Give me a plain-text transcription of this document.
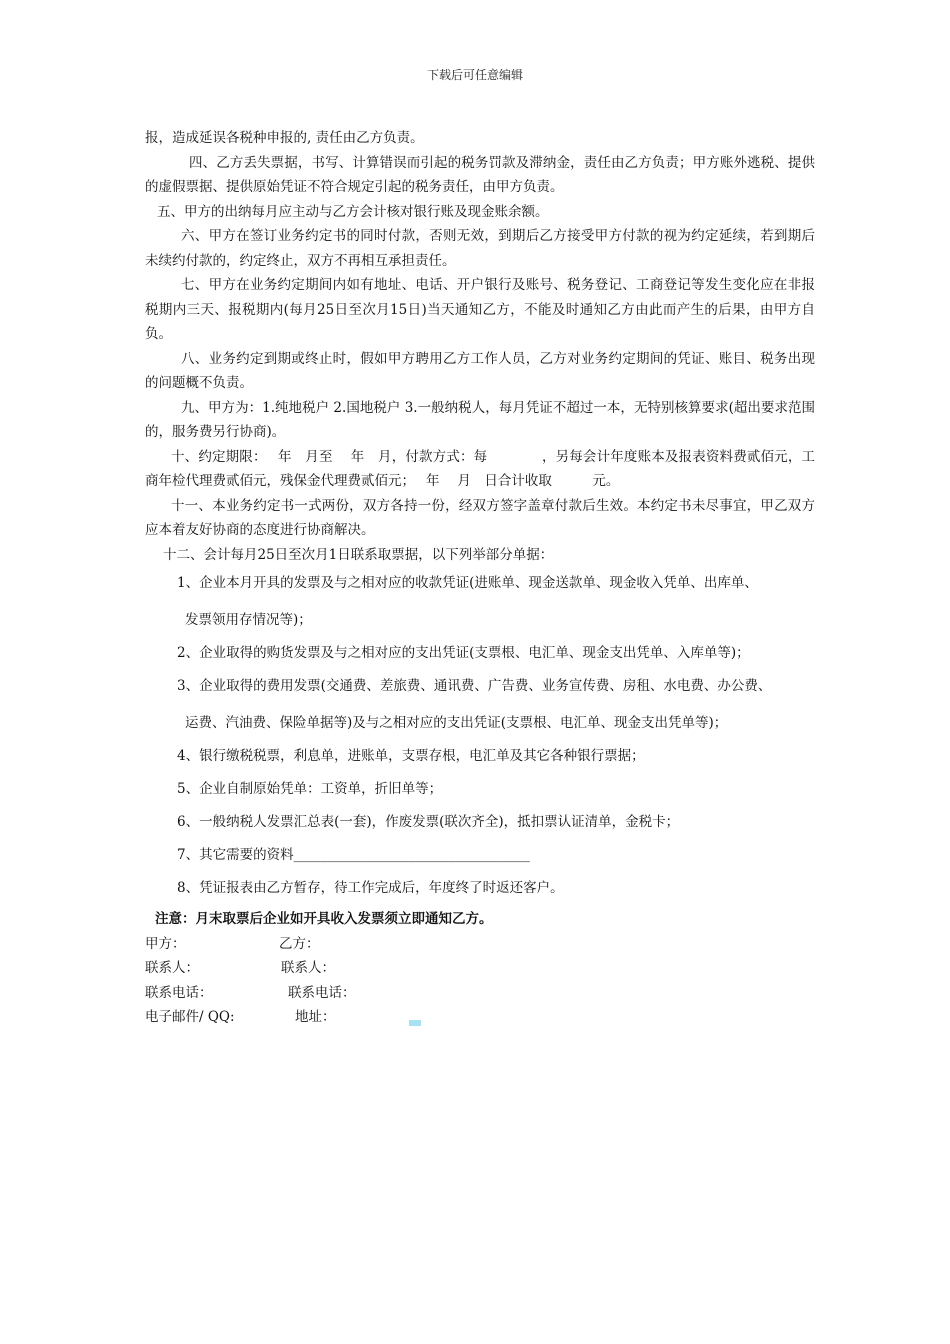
下载后可任意编辑

报，造成延误各税种申报的, 责任由乙方负责。

四、乙方丢失票据，书写、计算错误而引起的税务罚款及滞纳金，责任由乙方负责；甲方账外逃税、提供的虚假票据、提供原始凭证不符合规定引起的税务责任，由甲方负责。

五、甲方的出纳每月应主动与乙方会计核对银行账及现金账余额。

六、甲方在签订业务约定书的同时付款，否则无效，到期后乙方接受甲方付款的视为约定延续，若到期后未续约付款的，约定终止，双方不再相互承担责任。

七、甲方在业务约定期间内如有地址、电话、开户银行及账号、税务登记、工商登记等发生变化应在非报税期内三天、报税期内(每月25日至次月15日)当天通知乙方，不能及时通知乙方由此而产生的后果，由甲方自负。

八、业务约定到期或终止时，假如甲方聘用乙方工作人员，乙方对业务约定期间的凭证、账目、税务出现的问题概不负责。

九、甲方为：1.纯地税户 2.国地税户 3.一般纳税人，每月凭证不超过一本，无特别核算要求(超出要求范围的，服务费另行协商)。

十、约定期限：　 年　月至　 年　月，付款方式：每　　　　，另每会计年度账本及报表资料费贰佰元，工商年检代理费贰佰元，残保金代理费贰佰元；　 年　 月　日合计收取　　　元。

十一、本业务约定书一式两份，双方各持一份，经双方签字盖章付款后生效。本约定书未尽事宜，甲乙双方应本着友好协商的态度进行协商解决。

十二、会计每月25日至次月1日联系取票据，以下列举部分单据：

1、企业本月开具的发票及与之相对应的收款凭证(进账单、现金送款单、现金收入凭单、出库单、
发票领用存情况等)；

2、企业取得的购货发票及与之相对应的支出凭证(支票根、电汇单、现金支出凭单、入库单等)；

3、企业取得的费用发票(交通费、差旅费、通讯费、广告费、业务宣传费、房租、水电费、办公费、
运费、汽油费、保险单据等)及与之相对应的支出凭证(支票根、电汇单、现金支出凭单等)；

4、银行缴税税票，利息单，进账单，支票存根，电汇单及其它各种银行票据；

5、企业自制原始凭单：工资单，折旧单等；

6、一般纳税人发票汇总表(一套)，作废发票(联次齐全)，抵扣票认证清单，金税卡；

7、其它需要的资料___________________________________

8、凭证报表由乙方暂存，待工作完成后，年度终了时返还客户。

注意：月末取票后企业如开具收入发票须立即通知乙方。

甲方：	乙方：

联系人：	联系人：

联系电话：	联系电话：

电子邮件/ QQ:	地址：
